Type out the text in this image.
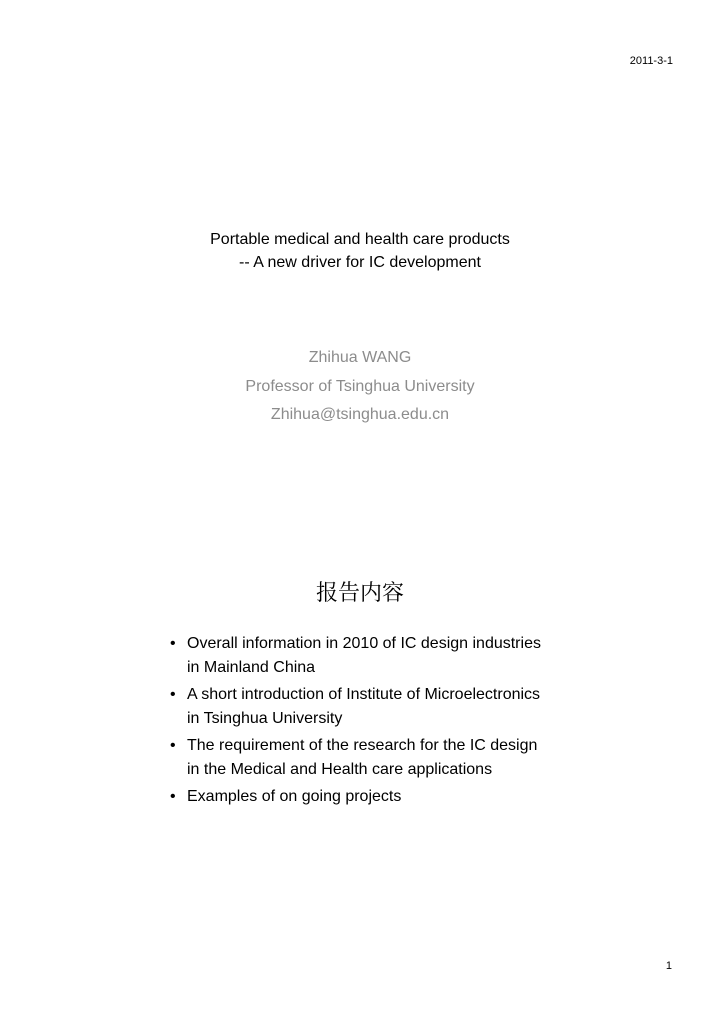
2011-3-1
Portable medical and health care products
-- A new driver for IC development
Zhihua WANG
Professor of Tsinghua University
Zhihua@tsinghua.edu.cn
报告内容
• Overall information in 2010 of IC design industries in Mainland China
• A short introduction of Institute of Microelectronics in Tsinghua University
• The requirement of the research for the IC design in the Medical and Health care applications
• Examples of on going projects
1
